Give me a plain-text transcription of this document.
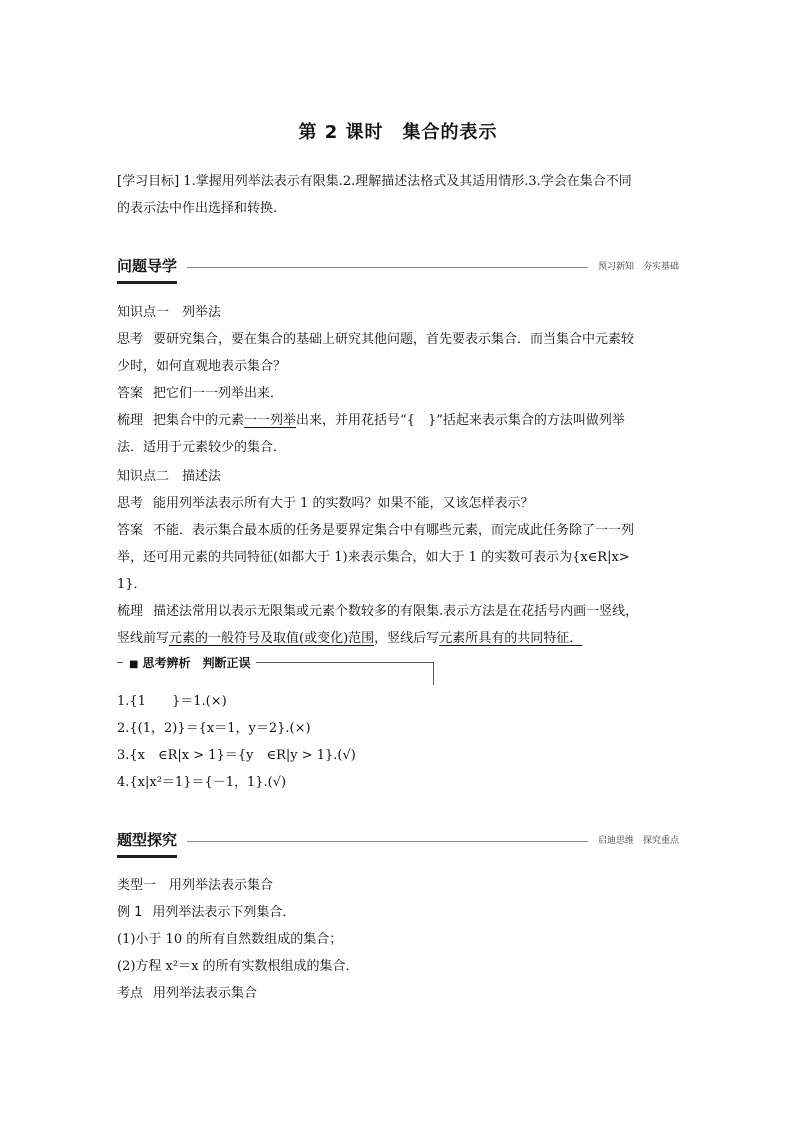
第 2 课时　集合的表示
[学习目标] 1.掌握用列举法表示有限集.2.理解描述法格式及其适用情形.3.学会在集合不同
的表示法中作出选择和转换.
问题导学	预习新知　夯实基础
知识点一　列举法
思考 要研究集合，要在集合的基础上研究其他问题，首先要表示集合．而当集合中元素较
少时，如何直观地表示集合？
答案 把它们一一列举出来．
梳理 把集合中的元素一一列举出来，并用花括号“{　}”括起来表示集合的方法叫做列举
法．适用于元素较少的集合．
知识点二　描述法
思考 能用列举法表示所有大于 1 的实数吗？如果不能，又该怎样表示？
答案 不能．表示集合最本质的任务是要界定集合中有哪些元素，而完成此任务除了一一列
举，还可用元素的共同特征(如都大于 1)来表示集合，如大于 1 的实数可表示为{x∈R|x>
1}．
梳理 描述法常用以表示无限集或元素个数较多的有限集.表示方法是在花括号内画一竖线，
竖线前写元素的一般符号及取值(或变化)范围，竖线后写元素所具有的共同特征．
■ 思考辨析　判断正误
1.{1　　}＝1.(×)
2.{(1，2)}＝{x＝1，y＝2}.(×)
3.{x　∈R|x > 1}＝{y　∈R|y > 1}.(√)
4.{x|x²＝1}＝{－1，1}.(√)
题型探究	启迪思维　探究重点
类型一　用列举法表示集合
例 1 用列举法表示下列集合．
(1)小于 10 的所有自然数组成的集合；
(2)方程 x²＝x 的所有实数根组成的集合．
考点 用列举法表示集合
